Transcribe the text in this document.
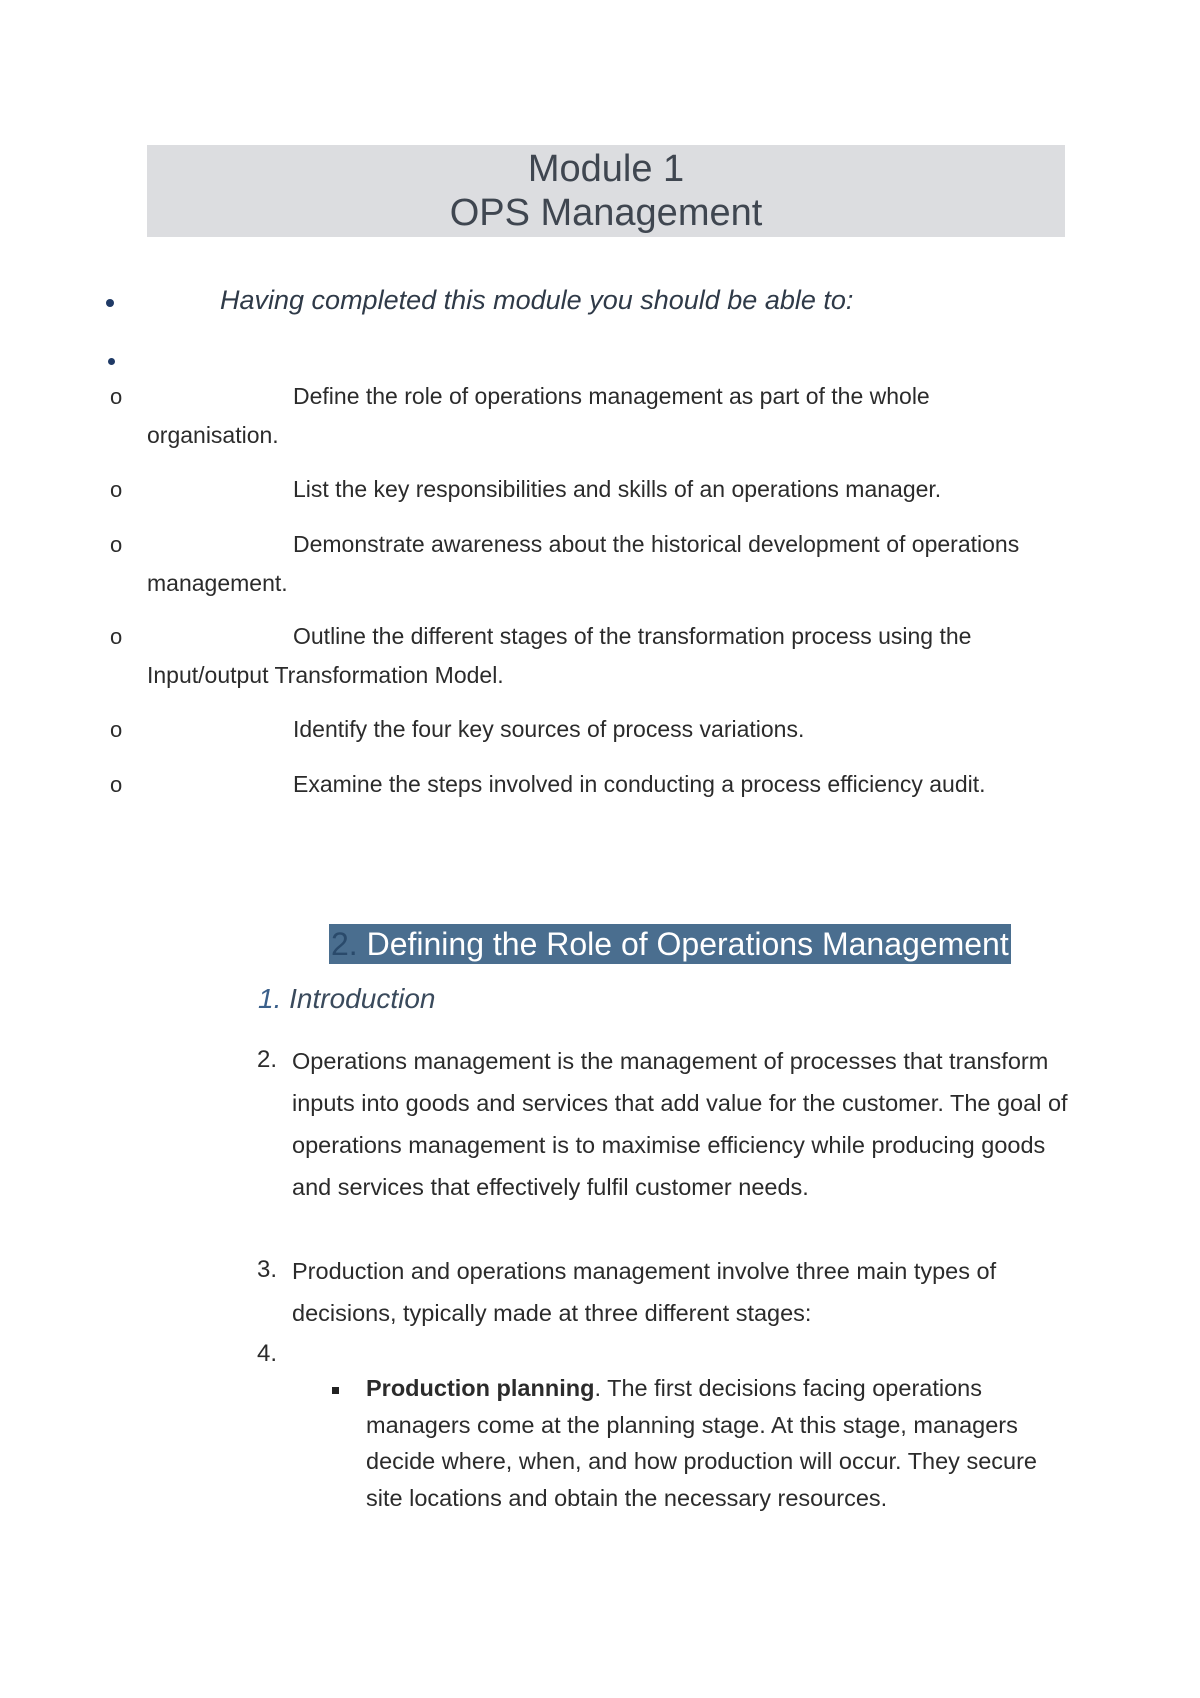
Module 1
OPS Management
Having completed this module you should be able to:
o	Define the role of operations management as part of the whole organisation.
o	List the key responsibilities and skills of an operations manager.
o	Demonstrate awareness about the historical development of operations management.
o	Outline the different stages of the transformation process using the Input/output Transformation Model.
o	Identify the four key sources of process variations.
o	Examine the steps involved in conducting a process efficiency audit.
2. Defining the Role of Operations Management
1. Introduction
2. Operations management is the management of processes that transform inputs into goods and services that add value for the customer. The goal of operations management is to maximise efficiency while producing goods and services that effectively fulfil customer needs.
3. Production and operations management involve three main types of decisions, typically made at three different stages:
4.
Production planning. The first decisions facing operations managers come at the planning stage. At this stage, managers decide where, when, and how production will occur. They secure site locations and obtain the necessary resources.
